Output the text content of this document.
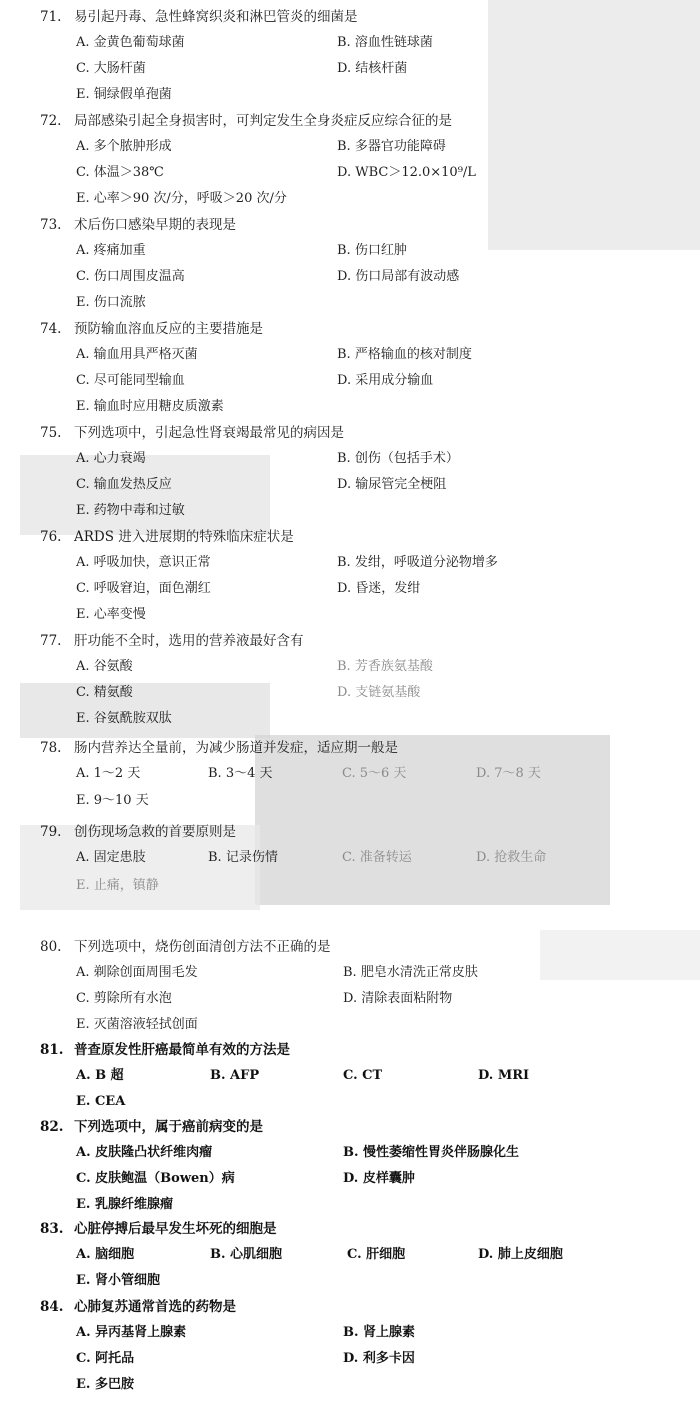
71. 易引起丹毒、急性蜂窝织炎和淋巴管炎的细菌是
A. 金黄色葡萄球菌	B. 溶血性链球菌
C. 大肠杆菌	D. 结核杆菌
E. 铜绿假单孢菌
72. 局部感染引起全身损害时，可判定发生全身炎症反应综合征的是
A. 多个脓肿形成	B. 多器官功能障碍
C. 体温＞38℃	D. WBC＞12.0×10⁹/L
E. 心率＞90 次/分，呼吸＞20 次/分
73. 术后伤口感染早期的表现是
A. 疼痛加重	B. 伤口红肿
C. 伤口周围皮温高	D. 伤口局部有波动感
E. 伤口流脓
74. 预防输血溶血反应的主要措施是
A. 输血用具严格灭菌	B. 严格输血的核对制度
C. 尽可能同型输血	D. 采用成分输血
E. 输血时应用糖皮质激素
75. 下列选项中，引起急性肾衰竭最常见的病因是
A. 心力衰竭	B. 创伤（包括手术）
C. 输血发热反应	D. 输尿管完全梗阻
E. 药物中毒和过敏
76. ARDS 进入进展期的特殊临床症状是
A. 呼吸加快，意识正常	B. 发绀，呼吸道分泌物增多
C. 呼吸窘迫，面色潮红	D. 昏迷，发绀
E. 心率变慢
77. 肝功能不全时，选用的营养液最好含有
A. 谷氨酸	B. 芳香族氨基酸
C. 精氨酸	D. 支链氨基酸
E. 谷氨酰胺双肽
78. 肠内营养达全量前，为减少肠道并发症，适应期一般是
A. 1～2 天	B. 3～4 天	C. 5～6 天	D. 7～8 天
E. 9～10 天
79. 创伤现场急救的首要原则是
A. 固定患肢	B. 记录伤情	C. 准备转运	D. 抢救生命
E. 止痛，镇静
80. 下列选项中，烧伤创面清创方法不正确的是
A. 剃除创面周围毛发	B. 肥皂水清洗正常皮肤
C. 剪除所有水泡	D. 清除表面粘附物
E. 灭菌溶液轻拭创面
81. 普查原发性肝癌最简单有效的方法是
A. B 超	B. AFP	C. CT	D. MRI
E. CEA
82. 下列选项中，属于癌前病变的是
A. 皮肤隆凸状纤维肉瘤	B. 慢性萎缩性胃炎伴肠腺化生
C. 皮肤鲍温（Bowen）病	D. 皮样囊肿
E. 乳腺纤维腺瘤
83. 心脏停搏后最早发生坏死的细胞是
A. 脑细胞	B. 心肌细胞	C. 肝细胞	D. 肺上皮细胞
E. 肾小管细胞
84. 心肺复苏通常首选的药物是
A. 异丙基肾上腺素	B. 肾上腺素
C. 阿托品	D. 利多卡因
E. 多巴胺
